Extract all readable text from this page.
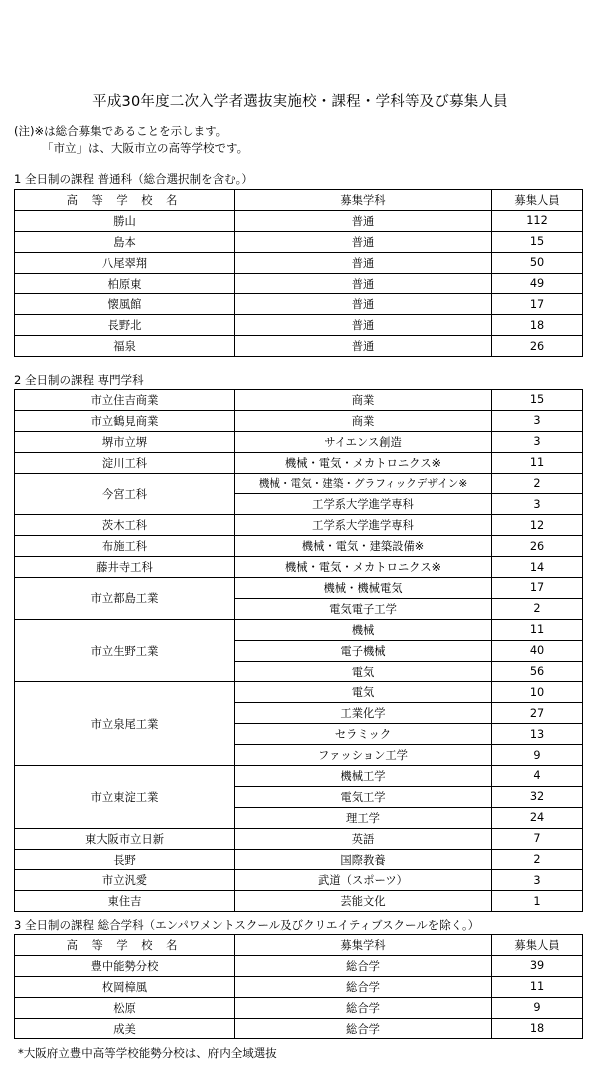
平成30年度二次入学者選抜実施校・課程・学科等及び募集人員
(注)※は総合募集であることを示します。
「市立」は、大阪市立の高等学校です。
1 全日制の課程 普通科（総合選択制を含む。）
高 等 学 校 名	募集学科	募集人員
勝山	普通	112
島本	普通	15
八尾翠翔	普通	50
柏原東	普通	49
懐風館	普通	17
長野北	普通	18
福泉	普通	26
2 全日制の課程 専門学科
市立住吉商業	商業	15
市立鶴見商業	商業	3
堺市立堺	サイエンス創造	3
淀川工科	機械・電気・メカトロニクス※	11
今宮工科	機械・電気・建築・グラフィックデザイン※	2
	工学系大学進学専科	3
茨木工科	工学系大学進学専科	12
布施工科	機械・電気・建築設備※	26
藤井寺工科	機械・電気・メカトロニクス※	14
市立都島工業	機械・機械電気	17
	電気電子工学	2
市立生野工業	機械	11
	電子機械	40
	電気	56
市立泉尾工業	電気	10
	工業化学	27
	セラミック	13
	ファッション工学	9
市立東淀工業	機械工学	4
	電気工学	32
	理工学	24
東大阪市立日新	英語	7
長野	国際教養	2
市立汎愛	武道（スポーツ）	3
東住吉	芸能文化	1
3 全日制の課程 総合学科（エンパワメントスクール及びクリエイティブスクールを除く。）
高 等 学 校 名	募集学科	募集人員
豊中能勢分校	総合学	39
枚岡樟風	総合学	11
松原	総合学	9
成美	総合学	18
*大阪府立豊中高等学校能勢分校は、府内全域選抜
